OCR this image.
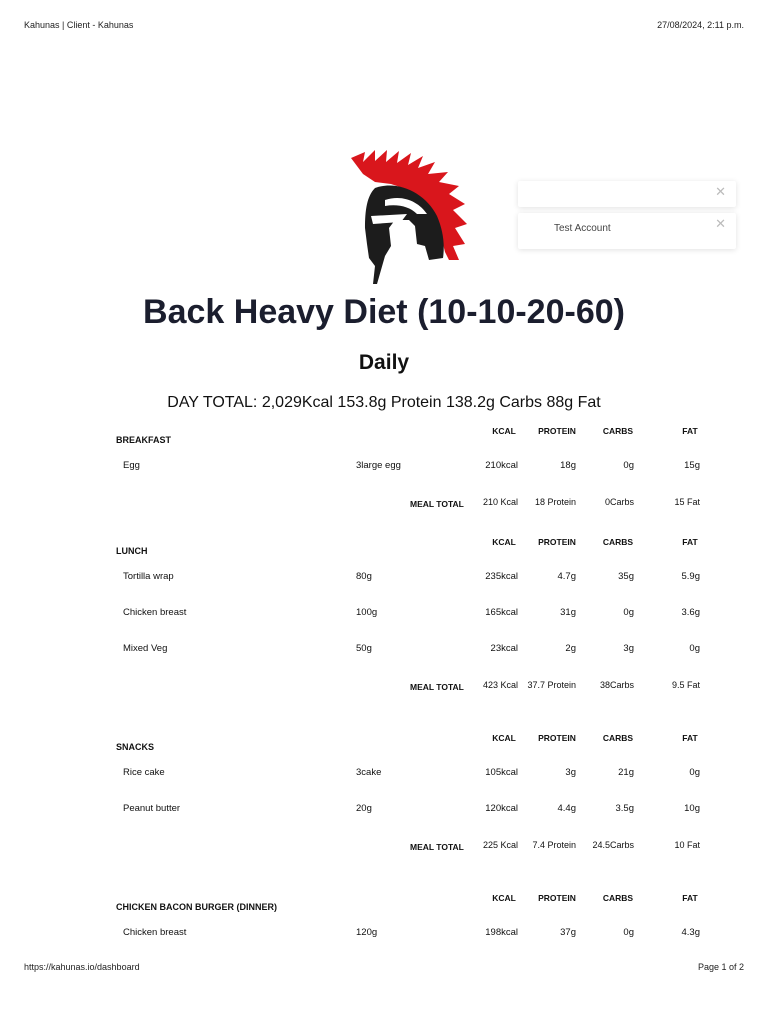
Kahunas | Client - Kahunas	27/08/2024, 2:11 p.m.
✕
Test Account	✕
Back Heavy Diet (10-10-20-60)
Daily
DAY TOTAL: 2,029Kcal 153.8g Protein 138.2g Carbs 88g Fat
BREAKFAST
KCAL	PROTEIN	CARBS	FAT
Egg	3large egg	210kcal	18g	0g	15g
MEAL TOTAL	210 Kcal	18 Protein	0Carbs	15 Fat
LUNCH
KCAL	PROTEIN	CARBS	FAT
Tortilla wrap	80g	235kcal	4.7g	35g	5.9g
Chicken breast	100g	165kcal	31g	0g	3.6g
Mixed Veg	50g	23kcal	2g	3g	0g
MEAL TOTAL	423 Kcal 37.7 Protein	38Carbs	9.5 Fat
SNACKS
KCAL	PROTEIN	CARBS	FAT
Rice cake	3cake	105kcal	3g	21g	0g
Peanut butter	20g	120kcal	4.4g	3.5g	10g
MEAL TOTAL	225 Kcal	7.4 Protein	24.5Carbs	10 Fat
CHICKEN BACON BURGER (DINNER)
KCAL	PROTEIN	CARBS	FAT
Chicken breast	120g	198kcal	37g	0g	4.3g
https://kahunas.io/dashboard	Page 1 of 2
